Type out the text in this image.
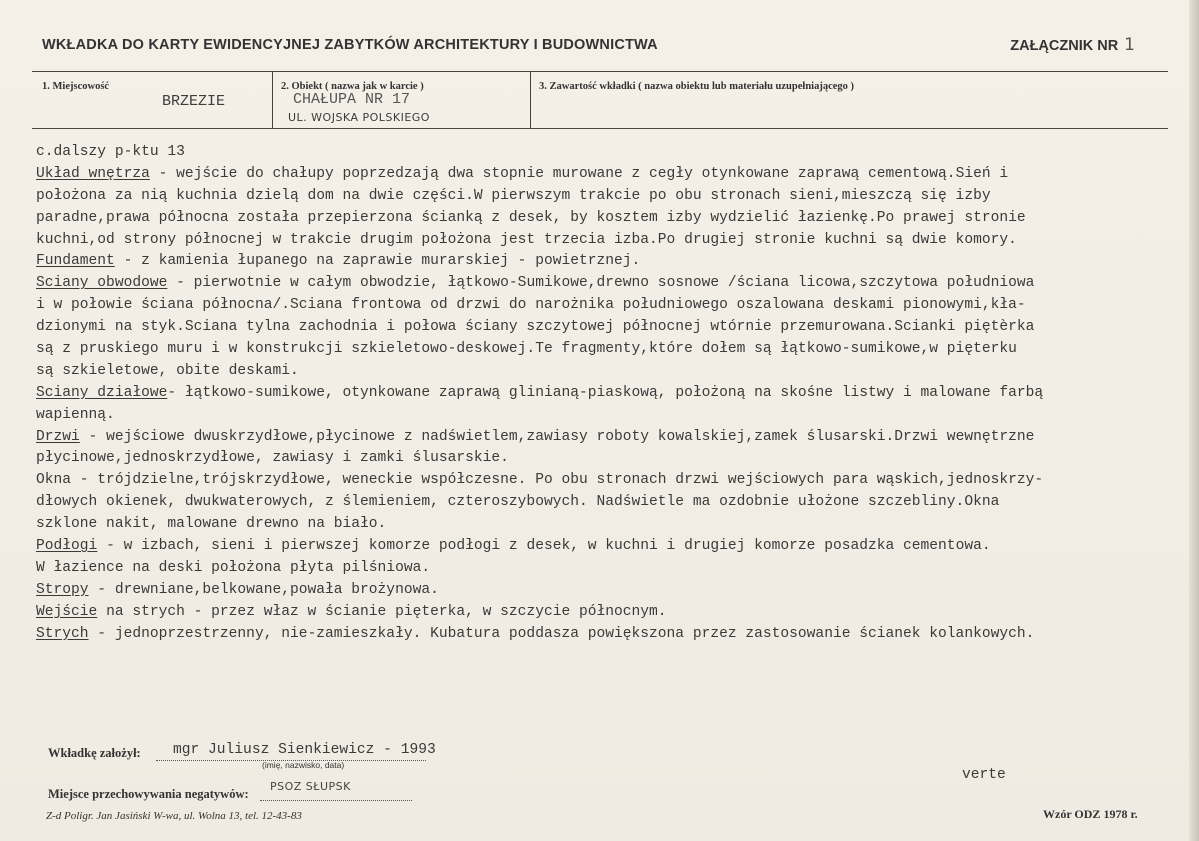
WKŁADKA DO KARTY EWIDENCYJNEJ ZABYTKÓW ARCHITEKTURY I BUDOWNICTWA	ZAŁĄCZNIK NR 1
1. Miejscowość
BRZEZIE
2. Obiekt ( nazwa jak w karcie )
CHAŁUPA NR 17
UL. WOJSKA POLSKIEGO
3. Zawartość wkładki ( nazwa obiektu lub materiału uzupełniającego )
c.dalszy p-ktu 13
Układ wnętrza - wejście do chałupy poprzedzają dwa stopnie murowane z cegły otynkowane zaprawą cementową.Sień i
położona za nią kuchnia dzielą dom na dwie części.W pierwszym trakcie po obu stronach sieni,mieszczą się izby
paradne,prawa północna została przepierzona ścianką z desek, by kosztem izby wydzielić łazienkę.Po prawej stronie
kuchni,od strony północnej w trakcie drugim położona jest trzecia izba.Po drugiej stronie kuchni są dwie komory.
Fundament - z kamienia łupanego na zaprawie murarskiej - powietrznej.
Sciany obwodowe - pierwotnie w całym obwodzie, łątkowo-Sumikowe,drewno sosnowe /ściana licowa,szczytowa południowa
i w połowie ściana północna/.Sciana frontowa od drzwi do narożnika południowego oszalowana deskami pionowymi,kła-
dzionymi na styk.Sciana tylna zachodnia i połowa ściany szczytowej północnej wtórnie przemurowana.Scianki piętèrka
są z pruskiego muru i w konstrukcji szkieletowo-deskowej.Te fragmenty,które dołem są łątkowo-sumikowe,w pięterku
są szkieletowe, obite deskami.
Sciany działowe- łątkowo-sumikowe, otynkowane zaprawą glinianą-piaskową, położoną na skośne listwy i malowane farbą
wapienną.
Drzwi - wejściowe dwuskrzydłowe,płycinowe z nadświetlem,zawiasy roboty kowalskiej,zamek ślusarski.Drzwi wewnętrzne
płycinowe,jednoskrzydłowe, zawiasy i zamki ślusarskie.
Okna - trójdzielne,trójskrzydłowe, weneckie współczesne. Po obu stronach drzwi wejściowych para wąskich,jednoskrzy-
dłowych okienek, dwukwaterowych, z ślemieniem, czteroszybowych. Nadświetle ma ozdobnie ułożone szczebliny.Okna
szklone nakit, malowane drewno na biało.
Podłogi - w izbach, sieni i pierwszej komorze podłogi z desek, w kuchni i drugiej komorze posadzka cementowa.
W łazience na deski położona płyta pilśniowa.
Stropy - drewniane,belkowane,powała brożynowa.
Wejście na strych - przez właz w ścianie pięterka, w szczycie północnym.
Strych - jednoprzestrzenny, nie-zamieszkały. Kubatura poddasza powiększona przez zastosowanie ścianek kolankowych.
Wkładkę założył: mgr Juliusz Sienkiewicz - 1993
(imię, nazwisko, data)
Miejsce przechowywania negatywów:
PSOZ SŁUPSK
verte
Z-d Poligr. Jan Jasiński W-wa, ul. Wolna 13, tel. 12-43-83	Wzór ODZ 1978 r.
